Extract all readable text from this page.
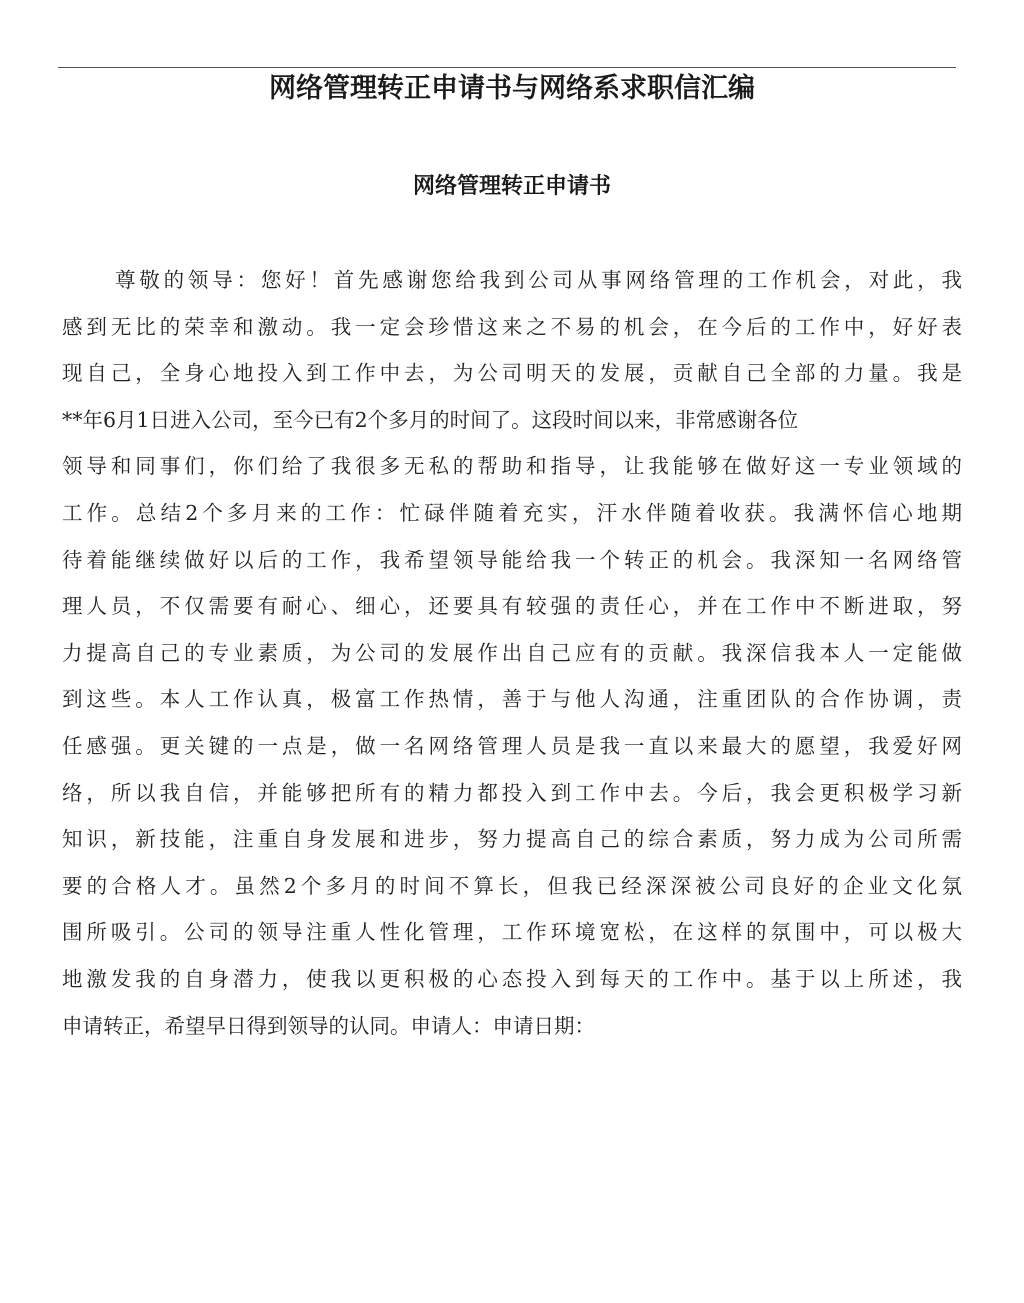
网络管理转正申请书与网络系求职信汇编
网络管理转正申请书
尊敬的领导：您好！首先感谢您给我到公司从事网络管理的工作机会，对此，我
感到无比的荣幸和激动。我一定会珍惜这来之不易的机会，在今后的工作中，好好表
现自己，全身心地投入到工作中去，为公司明天的发展，贡献自己全部的力量。我是
**年6月1日进入公司，至今已有2个多月的时间了。这段时间以来，非常感谢各位
领导和同事们，你们给了我很多无私的帮助和指导，让我能够在做好这一专业领域的
工作。总结2个多月来的工作：忙碌伴随着充实，汗水伴随着收获。我满怀信心地期
待着能继续做好以后的工作，我希望领导能给我一个转正的机会。我深知一名网络管
理人员，不仅需要有耐心、细心，还要具有较强的责任心，并在工作中不断进取，努
力提高自己的专业素质，为公司的发展作出自己应有的贡献。我深信我本人一定能做
到这些。本人工作认真，极富工作热情，善于与他人沟通，注重团队的合作协调，责
任感强。更关键的一点是，做一名网络管理人员是我一直以来最大的愿望，我爱好网
络，所以我自信，并能够把所有的精力都投入到工作中去。今后，我会更积极学习新
知识，新技能，注重自身发展和进步，努力提高自己的综合素质，努力成为公司所需
要的合格人才。虽然2个多月的时间不算长，但我已经深深被公司良好的企业文化氛
围所吸引。公司的领导注重人性化管理，工作环境宽松，在这样的氛围中，可以极大
地激发我的自身潜力，使我以更积极的心态投入到每天的工作中。基于以上所述，我
申请转正，希望早日得到领导的认同。申请人：申请日期：
